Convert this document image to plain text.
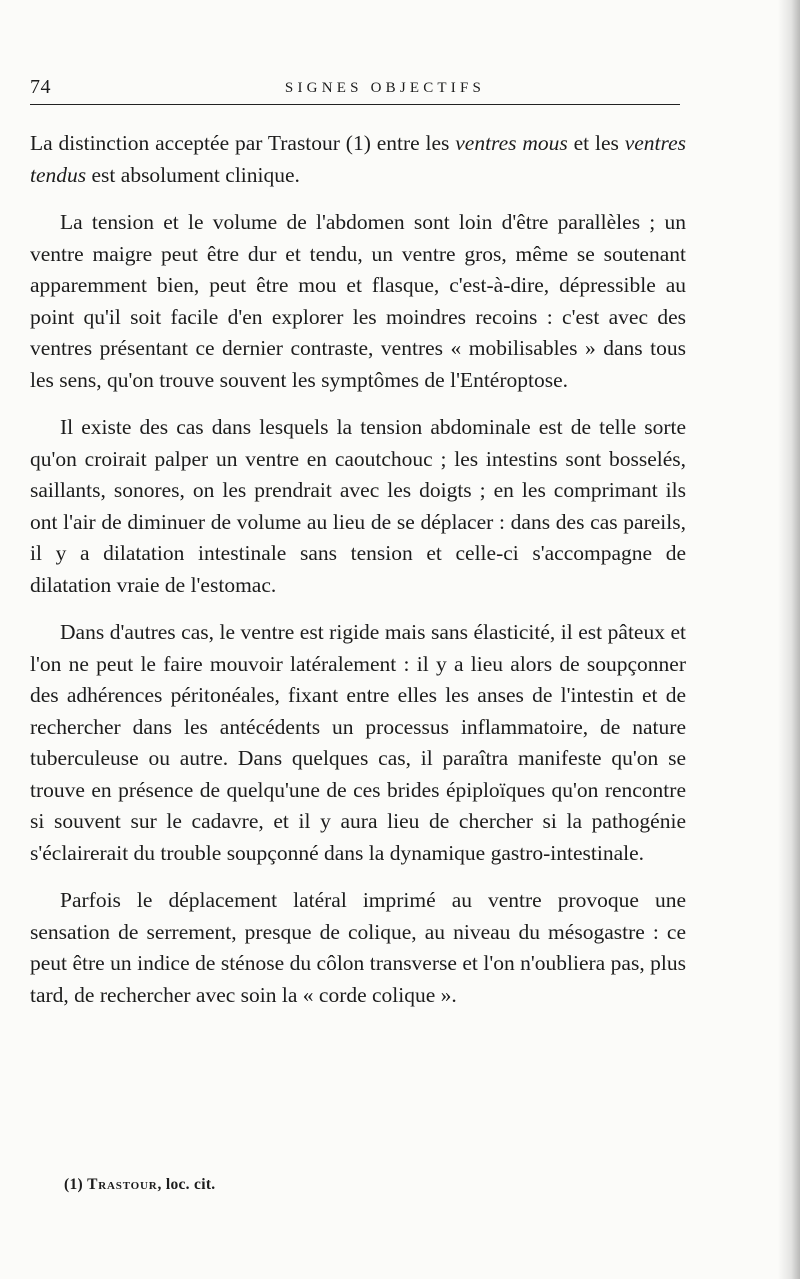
74	SIGNES OBJECTIFS

La distinction acceptée par Trastour (1) entre les ventres mous et les ventres tendus est absolument clinique.

La tension et le volume de l'abdomen sont loin d'être parallèles ; un ventre maigre peut être dur et tendu, un ventre gros, même se soutenant apparemment bien, peut être mou et flasque, c'est-à-dire, dépressible au point qu'il soit facile d'en explorer les moindres recoins : c'est avec des ventres présentant ce dernier contraste, ventres « mobilisables » dans tous les sens, qu'on trouve souvent les symptômes de l'Entéroptose.

Il existe des cas dans lesquels la tension abdominale est de telle sorte qu'on croirait palper un ventre en caoutchouc ; les intestins sont bosselés, saillants, sonores, on les prendrait avec les doigts ; en les comprimant ils ont l'air de diminuer de volume au lieu de se déplacer : dans des cas pareils, il y a dilatation intestinale sans tension et celle-ci s'accompagne de dilatation vraie de l'estomac.

Dans d'autres cas, le ventre est rigide mais sans élasticité, il est pâteux et l'on ne peut le faire mouvoir latéralement : il y a lieu alors de soupçonner des adhérences péritonéales, fixant entre elles les anses de l'intestin et de rechercher dans les antécédents un processus inflammatoire, de nature tuberculeuse ou autre. Dans quelques cas, il paraîtra manifeste qu'on se trouve en présence de quelqu'une de ces brides épiploïques qu'on rencontre si souvent sur le cadavre, et il y aura lieu de chercher si la pathogénie s'éclairerait du trouble soupçonné dans la dynamique gastro-intestinale.

Parfois le déplacement latéral imprimé au ventre provoque une sensation de serrement, presque de colique, au niveau du mésogastre : ce peut être un indice de sténose du côlon transverse et l'on n'oubliera pas, plus tard, de rechercher avec soin la « corde colique ».

(1) Trastour, loc. cit.
